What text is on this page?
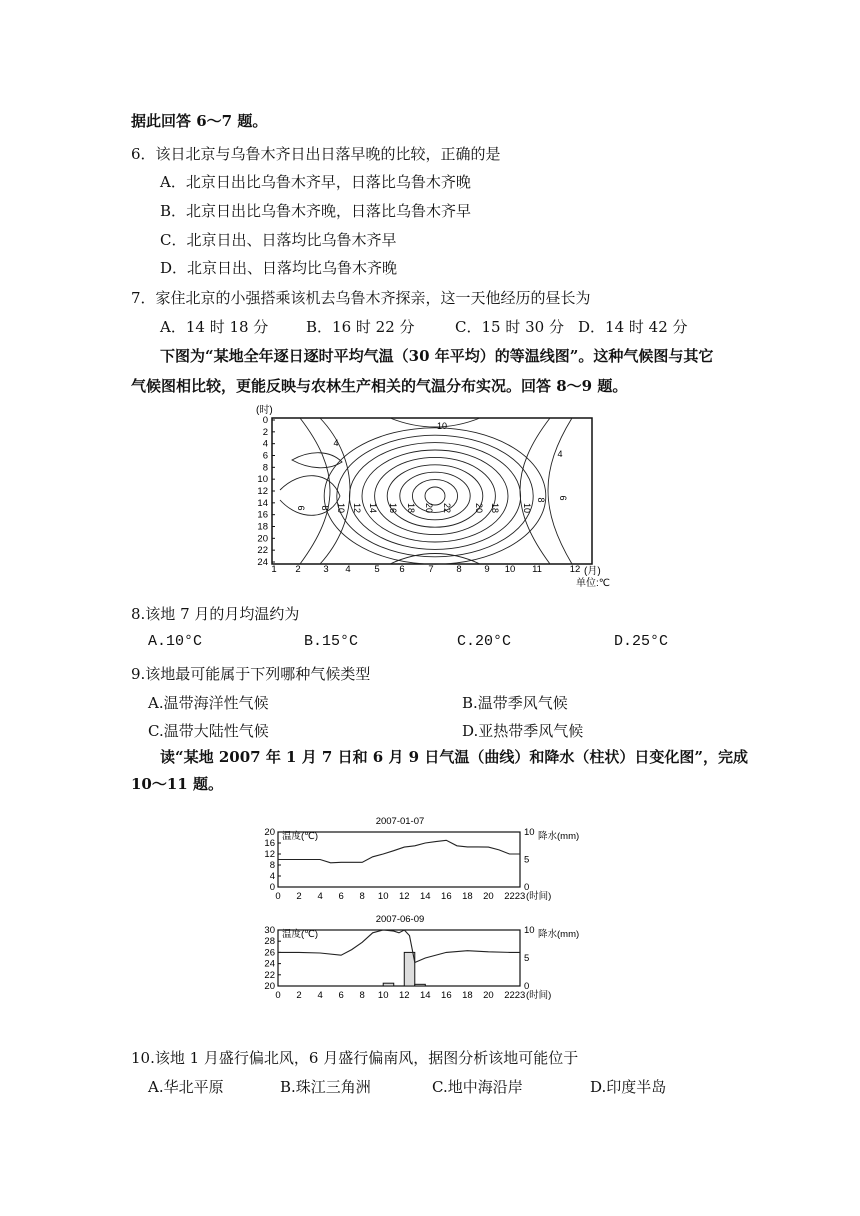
据此回答 6～7 题。
6．该日北京与乌鲁木齐日出日落早晚的比较，正确的是
A．北京日出比乌鲁木齐早，日落比乌鲁木齐晚
B．北京日出比乌鲁木齐晚，日落比乌鲁木齐早
C．北京日出、日落均比乌鲁木齐早
D．北京日出、日落均比乌鲁木齐晚
7．家住北京的小强搭乘该机去乌鲁木齐探亲，这一天他经历的昼长为
A．14 时 18 分	B．16 时 22 分	C．15 时 30 分 D．14 时 42 分
下图为“某地全年逐日逐时平均气温（30 年平均）的等温线图”。这种气候图与其它
气候图相比较，更能反映与农林生产相关的气温分布实况。回答 8～9 题。
(时)
0
2
4
6
8
10
12
14
16
18
20
22
24
10
4
4
6 8 10 12 14 16 18 20 22 20 18 10
8 6
1 2 3 4 5 6 7 8 9 10 11	12 (月)
单位:℃
8.该地 7 月的月均温约为
A.10°C	B.15°C	C.20°C	D.25°C
9.该地最可能属于下列哪种气候类型
A.温带海洋性气候	B.温带季风气候
C.温带大陆性气候	D.亚热带季风气候
读“某地 2007 年 1 月 7 日和 6 月 9 日气温（曲线）和降水（柱状）日变化图”，完成
10～11 题。
2007-01-07
温度(℃)	降水(mm)
20
16
12
8
4
0
10
5
0
0 2 4 6 8 10 12 14 16 18 20 22 23 (时间)
2007-06-09
温度(℃)	降水(mm)
30
28
26
24
22
20
10
5
0
0 2 4 6 8 10 12 14 16 18 20 22 23 (时间)
10.该地 1 月盛行偏北风，6 月盛行偏南风，据图分析该地可能位于
A.华北平原	B.珠江三角洲	C.地中海沿岸	D.印度半岛
